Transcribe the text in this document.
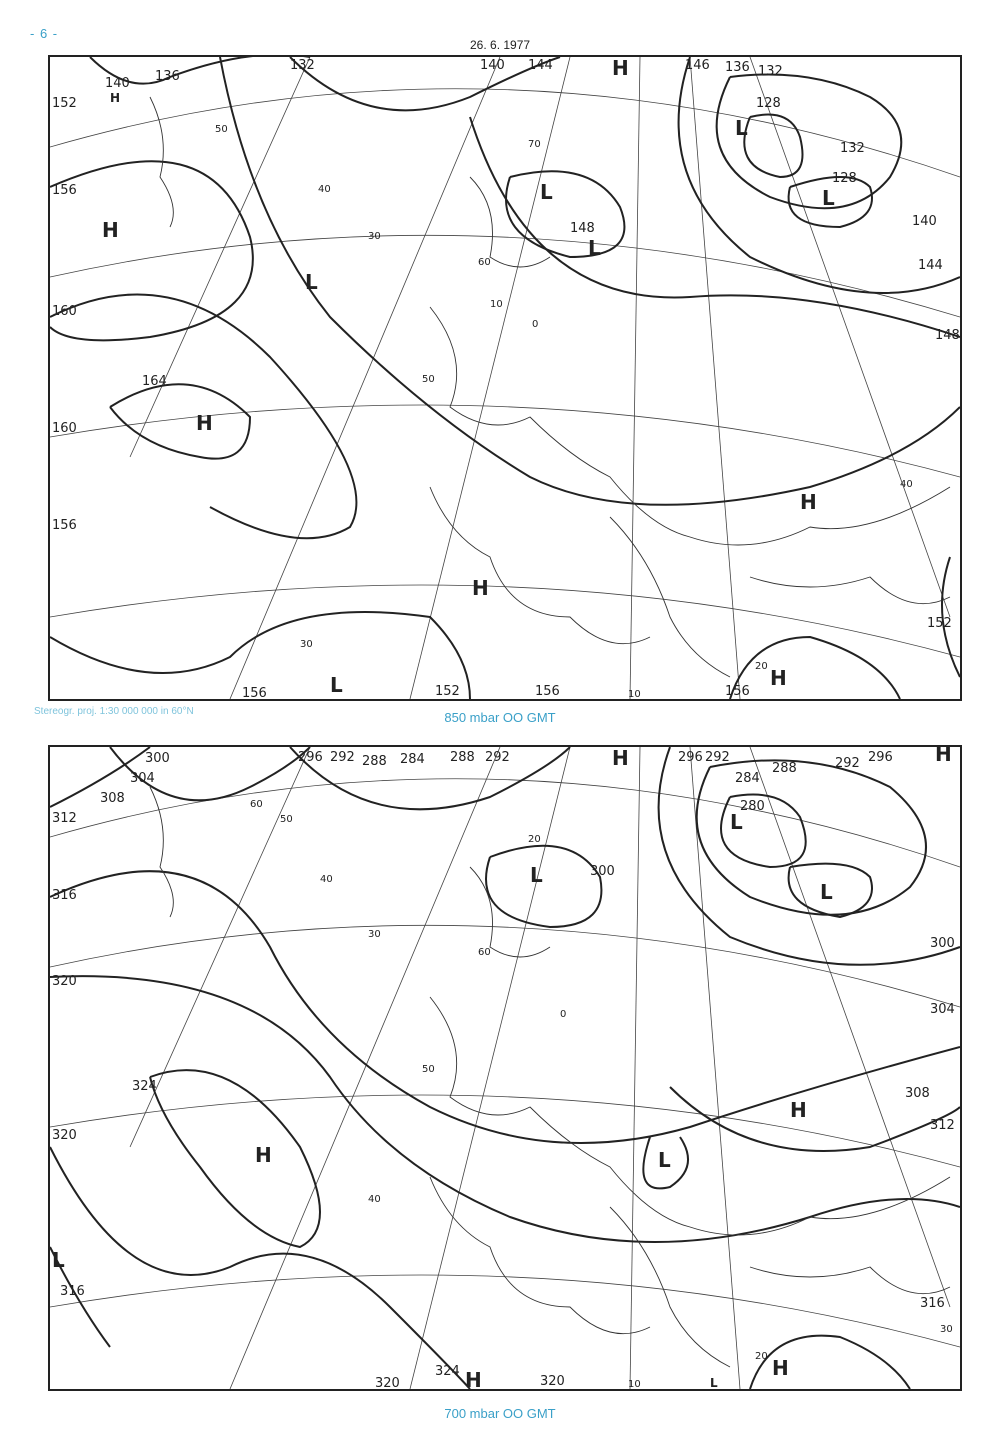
- 6 -
26. 6. 1977
140 136
132	140 144	146 136 132
128
148
152
156
160
164
160
156
132
128
140
144
148
152
156	152	156	156
50
40
30
70
60
50
10
0
40
30
20
10
H
L
L
L
L
L
H
H
H
H
H
L
H
Stereogr. proj. 1:30 000 000 in 60°N	850 mbar OO GMT
300
304
308
296 292 288 284 288 292	296 292
284
280
288	292 296
300
312
316
320
324
320
316
300
304
308
312
316
324
320	320
60
50
40
30
20
60
50
40
30
20
10
0
H
L
L
L
H	L
H
L
H	H
H
L
700 mbar OO GMT
